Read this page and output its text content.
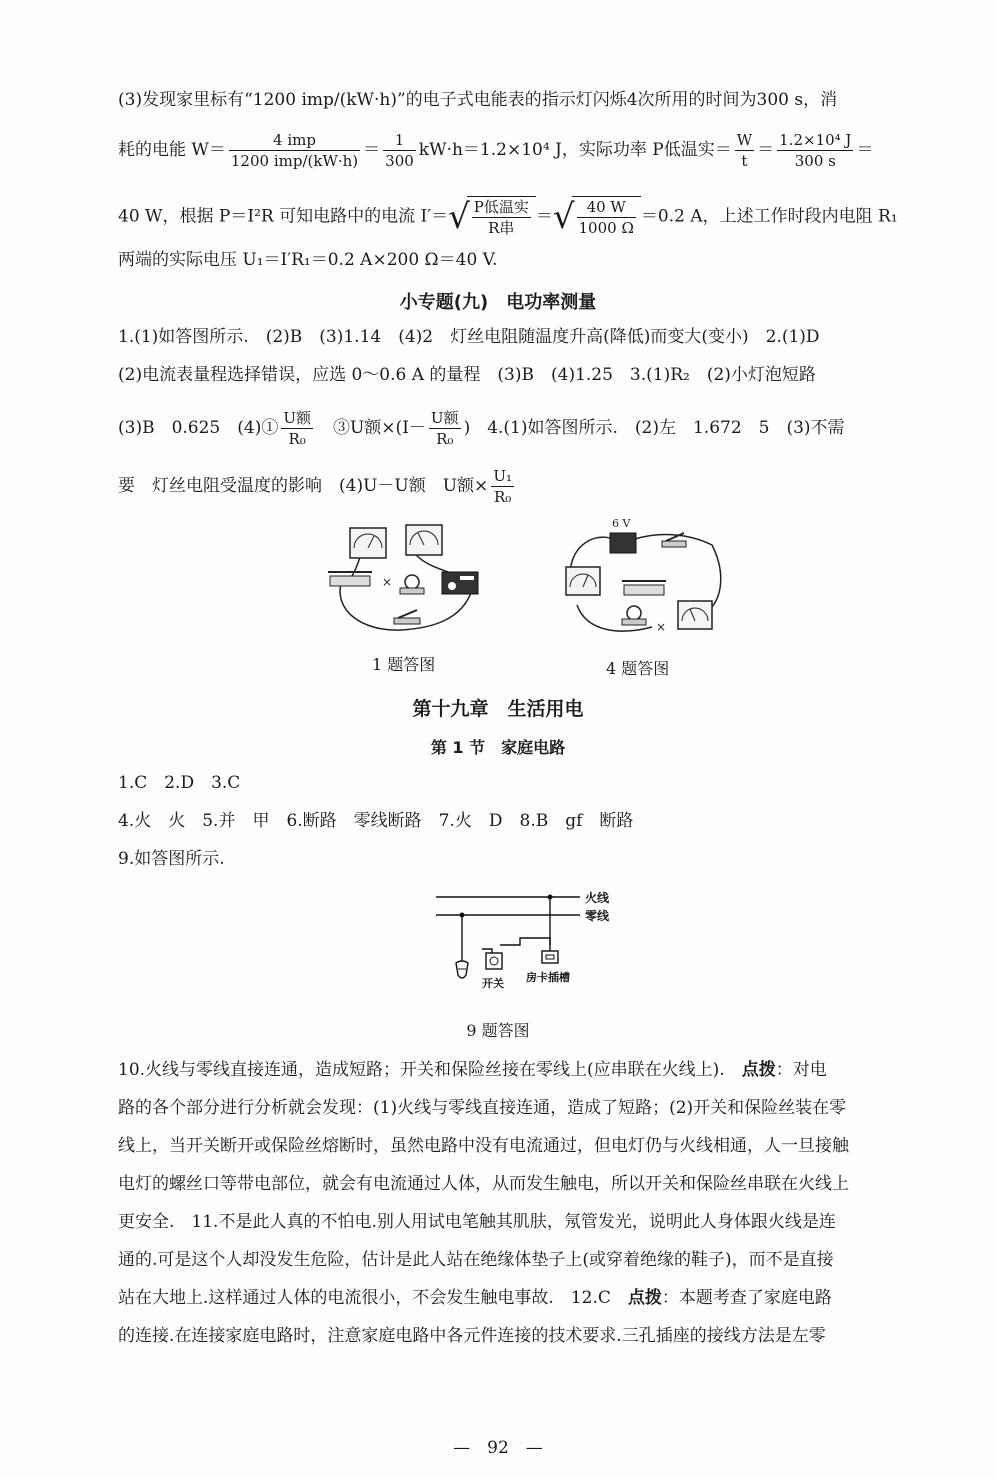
(3)发现家里标有“1200 imp/(kW·h)”的电子式电能表的指示灯闪烁4次所用的时间为300 s，消
耗的电能 $W= \frac{\text{4 imp}}{\text{1200 imp/(kW·h)}} = \frac{1}{300} kW\cdot h=1.2\times 10^4$ J，实际功率 P低温实＝ $\frac{W}{t} = \frac{\text{1.2×10⁴ J}}{300 s}$ ＝
40 W，根据 P＝I²R 可知电路中的电流 $I'=√ \frac{\text{P低温实}}{\text{R串}}$ ＝√ $\frac{40 W}{1000 \Omega} =0.2$ A，上述工作时段内电阻 R₁
两端的实际电压 U₁＝I′R₁＝0.2 A×200 Ω＝40 V.
小专题(九)　电功率测量
1.(1)如答图所示.　(2)B　(3)1.14　(4)2　灯丝电阻随温度升高(降低)而变大(变小)　2.(1)D
(2)电流表量程选择错误，应选 0～0.6 A 的量程　(3)B　(4)1.25　3.(1)R₂　(2)小灯泡短路
(3)B　0.625　(4)① $\frac{\text{U额}}{\text{R₀}}$
　 ③U额$\times(I- \frac{\text{U额}}{\text{R₀}}$ )　4.(1)如答图所示.　(2)左　1.672　5　(3)不需
要　灯丝电阻受温度的影响　(4)U－U额　U额× $\frac{\text{U₁}}{\text{R₀}}$
×
1 题答图
6 V
×
4 题答图
第十九章　生活用电
第 1 节　家庭电路
1.C　2.D　3.C
4.火　火　5.并　甲　6.断路　零线断路　7.火　D　8.B　gf　断路
9.如答图所示.
火线
零线
开关 房卡插槽
9 题答图
10.火线与零线直接连通，造成短路；开关和保险丝接在零线上(应串联在火线上).　点拨：对电
路的各个部分进行分析就会发现：(1)火线与零线直接连通，造成了短路；(2)开关和保险丝装在零
线上，当开关断开或保险丝熔断时，虽然电路中没有电流通过，但电灯仍与火线相通，人一旦接触
电灯的螺丝口等带电部位，就会有电流通过人体，从而发生触电，所以开关和保险丝串联在火线上
更安全.　11.不是此人真的不怕电.别人用试电笔触其肌肤，氖管发光，说明此人身体跟火线是连
通的.可是这个人却没发生危险，估计是此人站在绝缘体垫子上(或穿着绝缘的鞋子)，而不是直接
站在大地上.这样通过人体的电流很小，不会发生触电事故.　12.C　点拨：本题考查了家庭电路
的连接.在连接家庭电路时，注意家庭电路中各元件连接的技术要求.三孔插座的接线方法是左零
—　92　—
